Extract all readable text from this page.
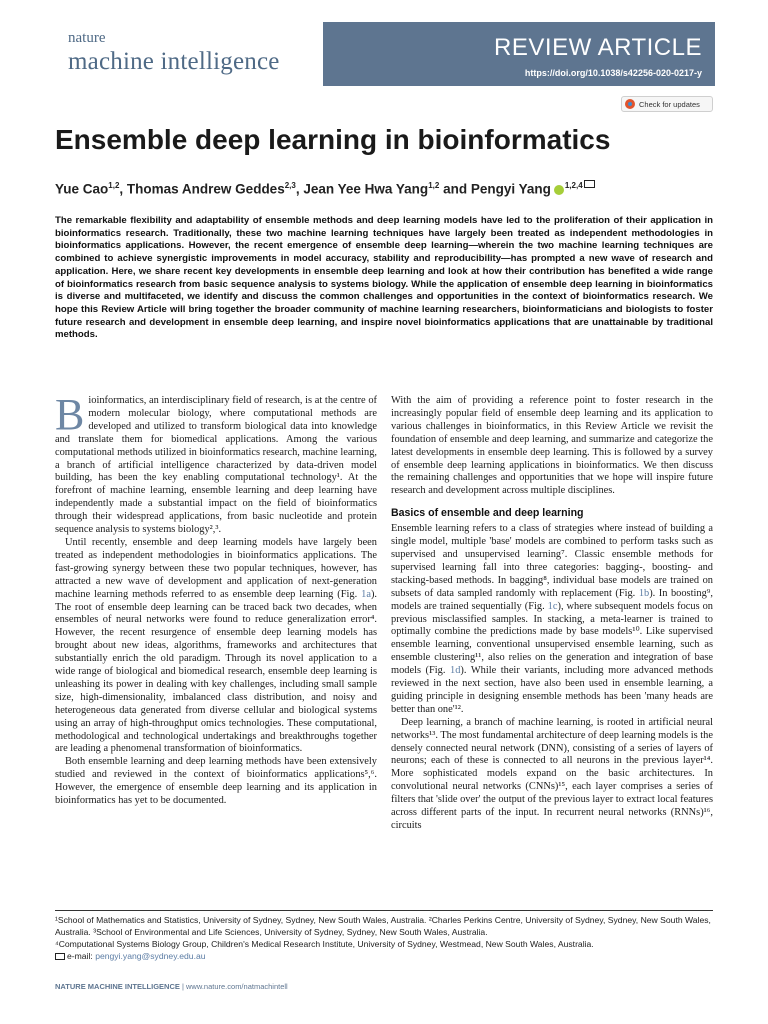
nature
machine intelligence
REVIEW ARTICLE
https://doi.org/10.1038/s42256-020-0217-y
Check for updates
Ensemble deep learning in bioinformatics
Yue Cao$^{1,2}$, Thomas Andrew Geddes$^{2,3}$, Jean Yee Hwa Yang$^{1,2}$ and Pengyi Yang $^{1,2,4}$
The remarkable flexibility and adaptability of ensemble methods and deep learning models have led to the proliferation of their application in bioinformatics research. Traditionally, these two machine learning techniques have largely been treated as independent methodologies in bioinformatics applications. However, the recent emergence of ensemble deep learning—wherein the two machine learning techniques are combined to achieve synergistic improvements in model accuracy, stability and reproducibility—has prompted a new wave of research and application. Here, we share recent key developments in ensemble deep learning and look at how their contribution has benefited a wide range of bioinformatics research from basic sequence analysis to systems biology. While the application of ensemble deep learning in bioinformatics is diverse and multifaceted, we identify and discuss the common challenges and opportunities in the context of bioinformatics research. We hope this Review Article will bring together the broader community of machine learning researchers, bioinformaticians and biologists to foster future research and development in ensemble deep learning, and inspire novel bioinformatics applications that are unattainable by traditional methods.

Bioinformatics, an interdisciplinary field of research, is at the centre of modern molecular biology, where computational methods are developed and utilized to transform biological data into knowledge and translate them for biomedical applications. Among the various computational methods utilized in bioinformatics research, machine learning, a branch of artificial intelligence characterized by data-driven model building, has been the key enabling computational technology¹. At the forefront of machine learning, ensemble learning and deep learning have independently made a substantial impact on the field of bioinformatics through their widespread applications, from basic nucleotide and protein sequence analysis to systems biology²,³.

Until recently, ensemble and deep learning models have largely been treated as independent methodologies in bioinformatics applications. The fast-growing synergy between these two popular techniques, however, has attracted a new wave of development and application of next-generation machine learning methods referred to as ensemble deep learning (Fig. 1a). The root of ensemble deep learning can be traced back two decades, when ensembles of neural networks were found to reduce generalization error⁴. However, the recent resurgence of ensemble deep learning models has brought about new ideas, algorithms, frameworks and architectures that substantially enrich the old paradigm. Through its novel application to a wide range of biological and biomedical research, ensemble deep learning is unleashing its power in dealing with key challenges, including small sample size, high-dimensionality, imbalanced class distribution, and noisy and heterogeneous data generated from diverse cellular and biological systems using an array of high-throughput omics technologies. These computational, methodological and technological undertakings and breakthroughs together are leading a phenomenal transformation of bioinformatics.

Both ensemble learning and deep learning methods have been extensively studied and reviewed in the context of bioinformatics applications⁵,⁶. However, the emergence of ensemble deep learning and its application in bioinformatics has yet to be documented.

With the aim of providing a reference point to foster research in the increasingly popular field of ensemble deep learning and its application to various challenges in bioinformatics, in this Review Article we revisit the foundation of ensemble and deep learning, and summarize and categorize the latest developments in ensemble deep learning. This is followed by a survey of ensemble deep learning applications in bioinformatics. We then discuss the remaining challenges and opportunities that we hope will inspire future research and development across multiple disciplines.

Basics of ensemble and deep learning

Ensemble learning refers to a class of strategies where instead of building a single model, multiple 'base' models are combined to perform tasks such as supervised and unsupervised learning⁷. Classic ensemble methods for supervised learning fall into three categories: bagging-, boosting- and stacking-based methods. In bagging⁸, individual base models are trained on subsets of data sampled randomly with replacement (Fig. 1b). In boosting⁹, models are trained sequentially (Fig. 1c), where subsequent models focus on previous misclassified samples. In stacking, a meta-learner is trained to optimally combine the predictions made by base models¹⁰. Like supervised ensemble learning, conventional unsupervised ensemble learning, such as ensemble clustering¹¹, also relies on the generation and integration of base models (Fig. 1d). While their variants, including more advanced methods reviewed in the next section, have also been used in ensemble learning, a guiding principle in designing ensemble methods has been 'many heads are better than one'¹².

Deep learning, a branch of machine learning, is rooted in artificial neural networks¹³. The most fundamental architecture of deep learning models is the densely connected neural network (DNN), consisting of a series of layers of neurons; each of these is connected to all neurons in the previous layer¹⁴. More sophisticated models expand on the basic architectures. In convolutional neural networks (CNNs)¹⁵, each layer comprises a series of filters that 'slide over' the output of the previous layer to extract local features across different parts of the input. In recurrent neural networks (RNNs)¹⁶, circuits

¹School of Mathematics and Statistics, University of Sydney, Sydney, New South Wales, Australia. ²Charles Perkins Centre, University of Sydney, Sydney, New South Wales, Australia. ³School of Environmental and Life Sciences, University of Sydney, Sydney, New South Wales, Australia.

⁴Computational Systems Biology Group, Children's Medical Research Institute, University of Sydney, Westmead, New South Wales, Australia.

e-mail: pengyi.yang@sydney.edu.au

NATURE MACHINE INTELLIGENCE | www.nature.com/natmachintell
